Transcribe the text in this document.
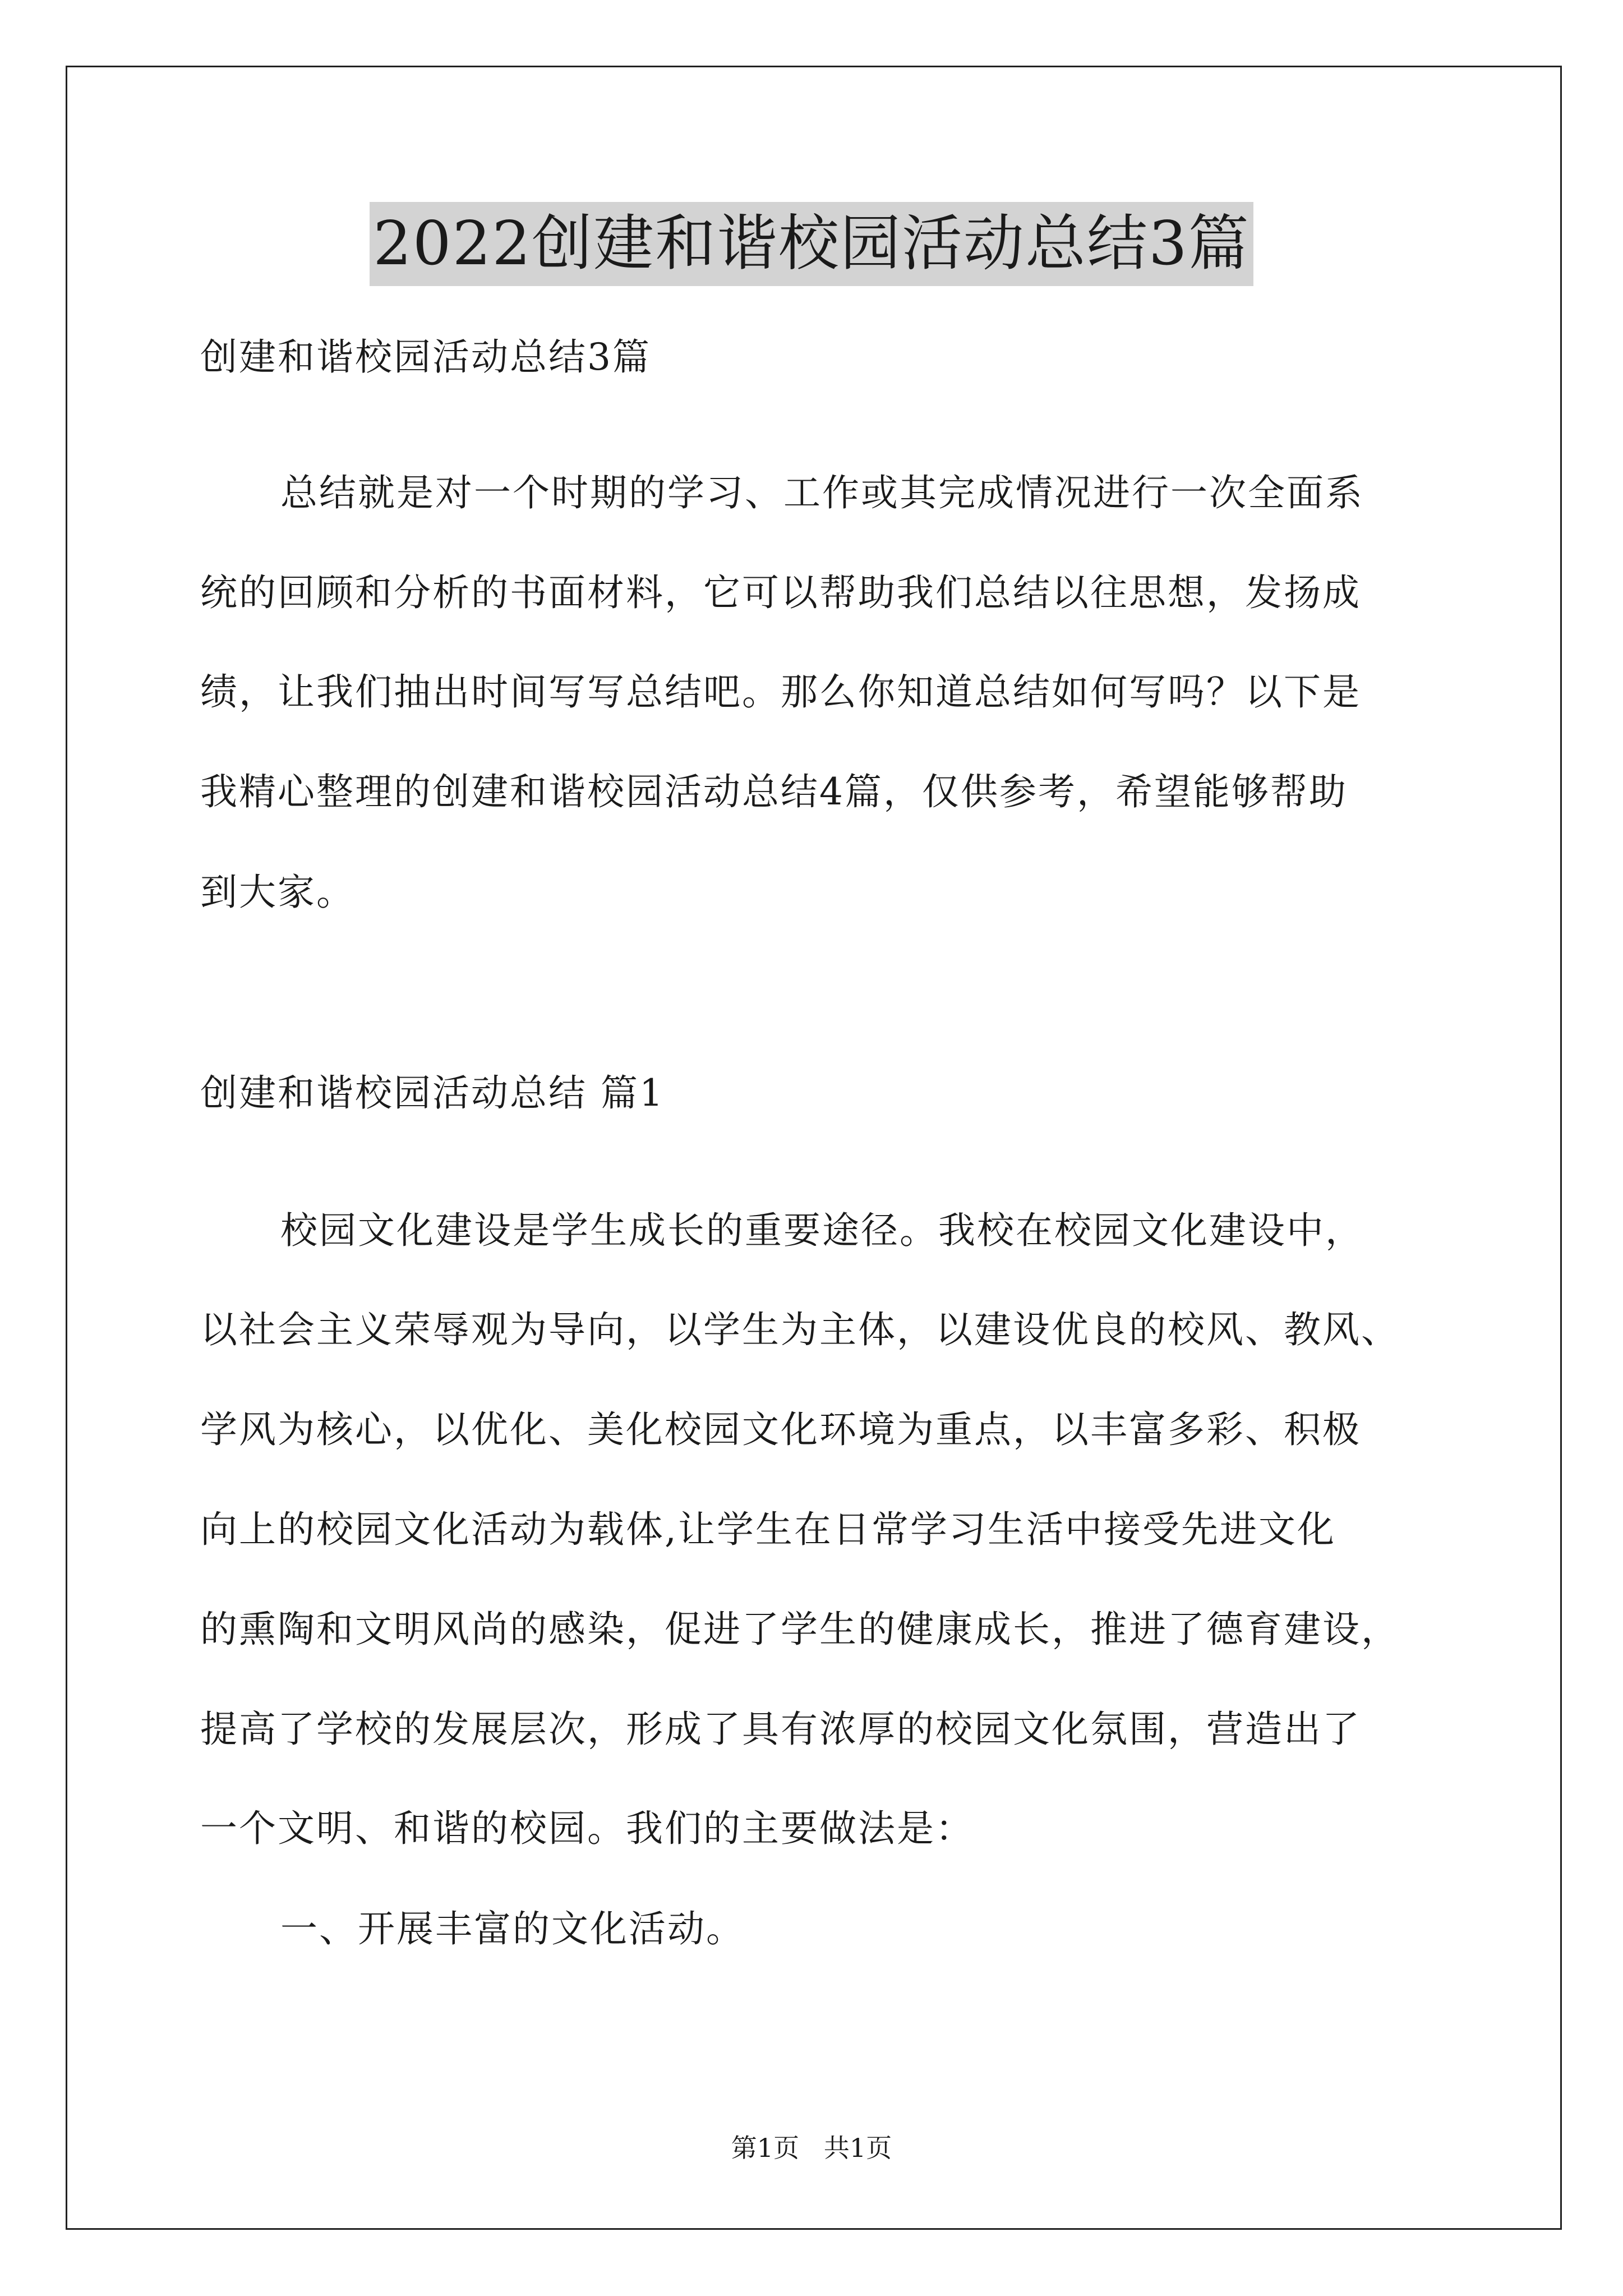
2022创建和谐校园活动总结3篇
创建和谐校园活动总结3篇
总结就是对一个时期的学习、工作或其完成情况进行一次全面系
统的回顾和分析的书面材料，它可以帮助我们总结以往思想，发扬成
绩，让我们抽出时间写写总结吧。那么你知道总结如何写吗？以下是
我精心整理的创建和谐校园活动总结4篇，仅供参考，希望能够帮助
到大家。
创建和谐校园活动总结 篇1
校园文化建设是学生成长的重要途径。我校在校园文化建设中，
以社会主义荣辱观为导向，以学生为主体，以建设优良的校风、教风、
学风为核心，以优化、美化校园文化环境为重点，以丰富多彩、积极
向上的校园文化活动为载体,让学生在日常学习生活中接受先进文化
的熏陶和文明风尚的感染，促进了学生的健康成长，推进了德育建设，
提高了学校的发展层次，形成了具有浓厚的校园文化氛围，营造出了
一个文明、和谐的校园。我们的主要做法是：
一、开展丰富的文化活动。
第1页   共1页
